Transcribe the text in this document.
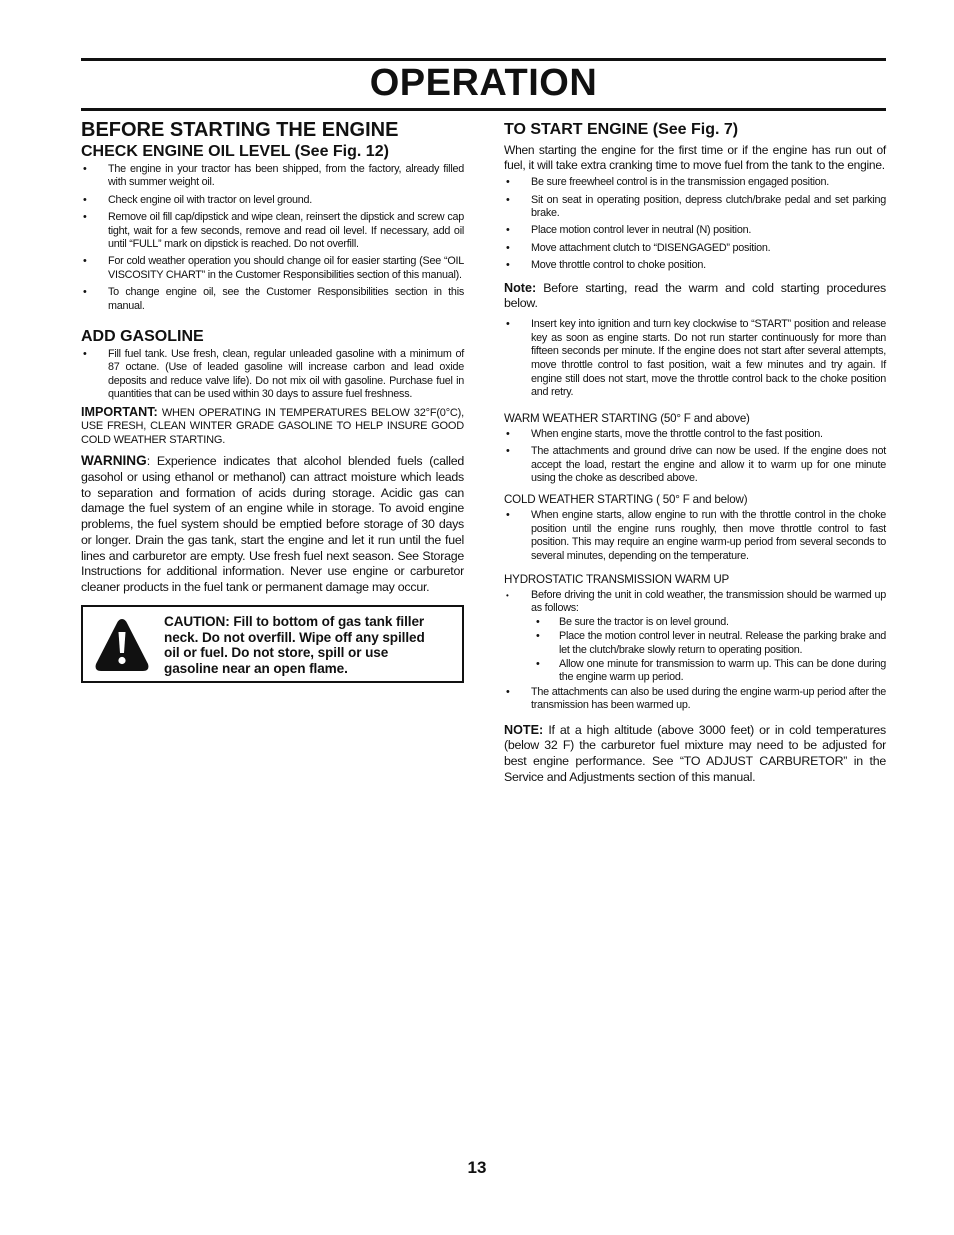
OPERATION
BEFORE STARTING THE ENGINE
CHECK ENGINE OIL LEVEL (See Fig. 12)
• The engine in your tractor has been shipped, from the factory, already filled with summer weight oil.
• Check engine oil with tractor on level ground.
• Remove oil fill cap/dipstick and wipe clean, reinsert the dipstick and screw cap tight, wait for a few seconds, remove and read oil level. If necessary, add oil until “FULL” mark on dipstick is reached. Do not overfill.
• For cold weather operation you should change oil for easier starting (See “OIL VISCOSITY CHART” in the Customer Responsibilities section of this manual).
• To change engine oil, see the Customer Responsibilities section in this manual.
ADD GASOLINE
• Fill fuel tank. Use fresh, clean, regular unleaded gasoline with a minimum of 87 octane. (Use of leaded gasoline will increase carbon and lead oxide deposits and reduce valve life). Do not mix oil with gasoline. Purchase fuel in quantities that can be used within 30 days to assure fuel freshness.
IMPORTANT: WHEN OPERATING IN TEMPERATURES BELOW 32°F(0°C), USE FRESH, CLEAN WINTER GRADE GASOLINE TO HELP INSURE GOOD COLD WEATHER STARTING.
WARNING: Experience indicates that alcohol blended fuels (called gasohol or using ethanol or methanol) can attract moisture which leads to separation and formation of acids during storage. Acidic gas can damage the fuel system of an engine while in storage. To avoid engine problems, the fuel system should be emptied before storage of 30 days or longer. Drain the gas tank, start the engine and let it run until the fuel lines and carburetor are empty. Use fresh fuel next season. See Storage Instructions for additional information. Never use engine or carburetor cleaner products in the fuel tank or permanent damage may occur.
CAUTION: Fill to bottom of gas tank filler neck. Do not overfill. Wipe off any spilled oil or fuel. Do not store, spill or use gasoline near an open flame.
TO START ENGINE (See Fig. 7)
When starting the engine for the first time or if the engine has run out of fuel, it will take extra cranking time to move fuel from the tank to the engine.
• Be sure freewheel control is in the transmission engaged position.
• Sit on seat in operating position, depress clutch/brake pedal and set parking brake.
• Place motion control lever in neutral (N) position.
• Move attachment clutch to “DISENGAGED” position.
• Move throttle control to choke position.
Note: Before starting, read the warm and cold starting procedures below.
• Insert key into ignition and turn key clockwise to “START” position and release key as soon as engine starts. Do not run starter continuously for more than fifteen seconds per minute. If the engine does not start after several attempts, move throttle control to fast position, wait a few minutes and try again. If engine still does not start, move the throttle control back to the choke position and retry.
WARM WEATHER STARTING (50° F and above)
• When engine starts, move the throttle control to the fast position.
• The attachments and ground drive can now be used. If the engine does not accept the load, restart the engine and allow it to warm up for one minute using the choke as described above.
COLD WEATHER STARTING ( 50° F and below)
• When engine starts, allow engine to run with the throttle control in the choke position until the engine runs roughly, then move throttle control to fast position. This may require an engine warm-up period from several seconds to several minutes, depending on the temperature.
HYDROSTATIC TRANSMISSION WARM UP
• Before driving the unit in cold weather, the transmission should be warmed up as follows:
• Be sure the tractor is on level ground.
• Place the motion control lever in neutral. Release the parking brake and let the clutch/brake slowly return to operating position.
• Allow one minute for transmission to warm up. This can be done during the engine warm up period.
• The attachments can also be used during the engine warm-up period after the transmission has been warmed up.
NOTE: If at a high altitude (above 3000 feet) or in cold temperatures (below 32 F) the carburetor fuel mixture may need to be adjusted for best engine performance. See “TO ADJUST CARBURETOR” in the Service and Adjustments section of this manual.
13
